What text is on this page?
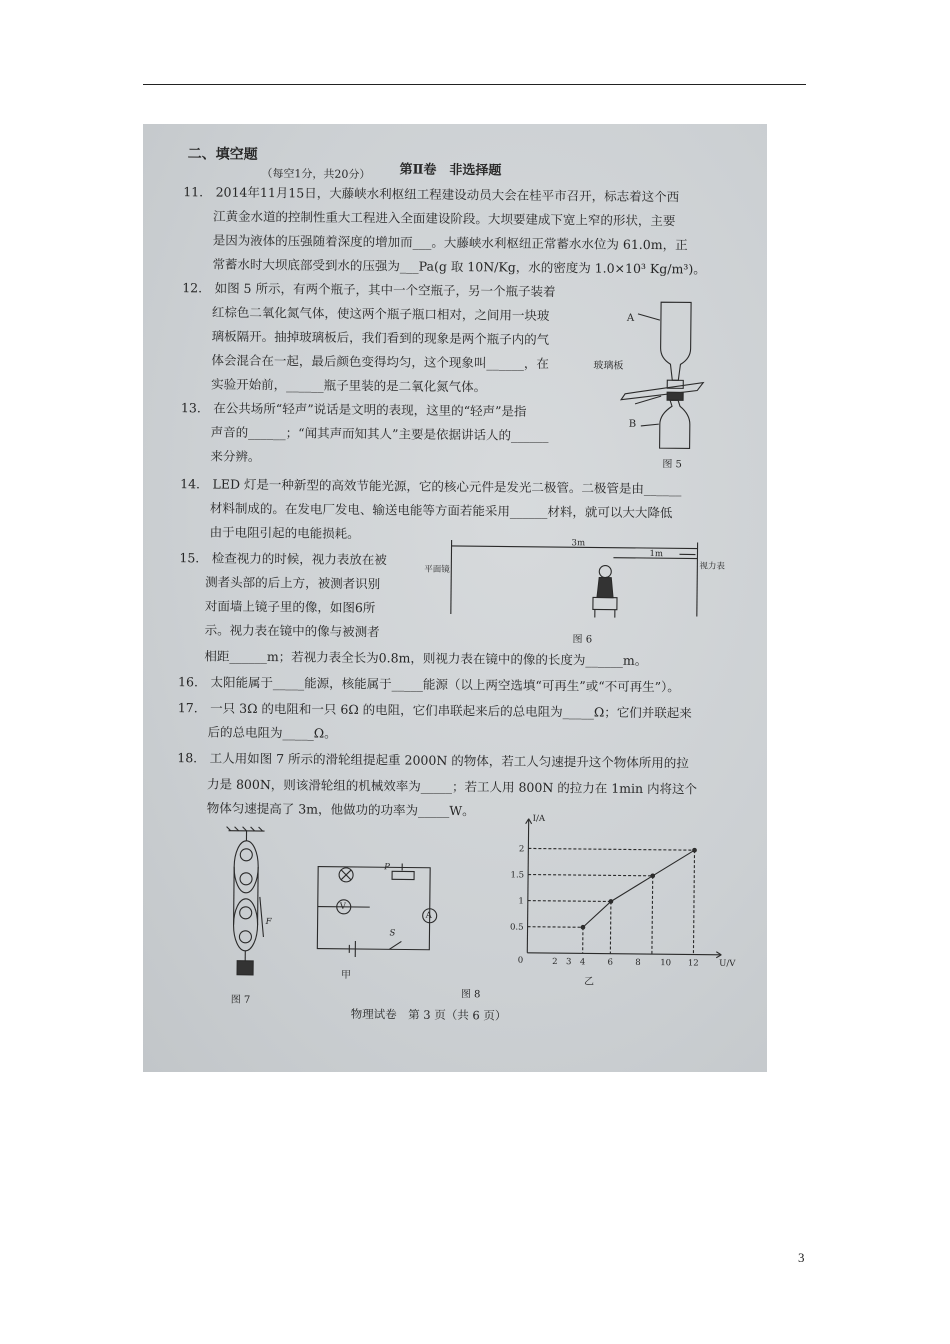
二、填空题
（每空1分，共20分） 第Ⅱ卷　非选择题
11.　2014年11月15日，大藤峡水利枢纽工程建设动员大会在桂平市召开，标志着这个西
江黄金水道的控制性重大工程进入全面建设阶段。大坝要建成下宽上窄的形状，主要
是因为液体的压强随着深度的增加而___。大藤峡水利枢纽正常蓄水水位为 61.0m，正
常蓄水时大坝底部受到水的压强为___Pa(g 取 10N/Kg，水的密度为 1.0×10³ Kg/m³)。
12.　如图 5 所示，有两个瓶子，其中一个空瓶子，另一个瓶子装着
红棕色二氧化氮气体，使这两个瓶子瓶口相对，之间用一块玻
璃板隔开。抽掉玻璃板后，我们看到的现象是两个瓶子内的气
体会混合在一起，最后颜色变得均匀，这个现象叫______，在
实验开始前，______瓶子里装的是二氧化氮气体。
A
玻璃板
B
图 5
13.　在公共场所“轻声”说话是文明的表现，这里的“轻声”是指
声音的______；“闻其声而知其人”主要是依据讲话人的______
来分辨。
14.　LED 灯是一种新型的高效节能光源，它的核心元件是发光二极管。二极管是由______
材料制成的。在发电厂发电、输送电能等方面若能采用______材料，就可以大大降低
由于电阻引起的电能损耗。
15.　检查视力的时候，视力表放在被
测者头部的后上方，被测者识别
对面墙上镜子里的像，如图6所
示。视力表在镜中的像与被测者
相距______m；若视力表全长为0.8m，则视力表在镜中的像的长度为______m。
平面镜
3m
1m
视力表
图 6
16.　太阳能属于_____能源，核能属于_____能源（以上两空选填“可再生”或“不可再生”）。
17.　一只 3Ω 的电阻和一只 6Ω 的电阻，它们串联起来后的总电阻为_____Ω；它们并联起来
后的总电阻为_____Ω。
18.　工人用如图 7 所示的滑轮组提起重 2000N 的物体，若工人匀速提升这个物体所用的拉
力是 800N，则该滑轮组的机械效率为_____；若工人用 800N 的拉力在 1min 内将这个
物体匀速提高了 3m，他做功的功率为_____W。
F
图 7
P
V
A
S
甲
图 8
2 3 4	6	8 10 12
0.5
1
1.5
2
0	U/V
I/A
乙
物理试卷　第 3 页（共 6 页）
3
